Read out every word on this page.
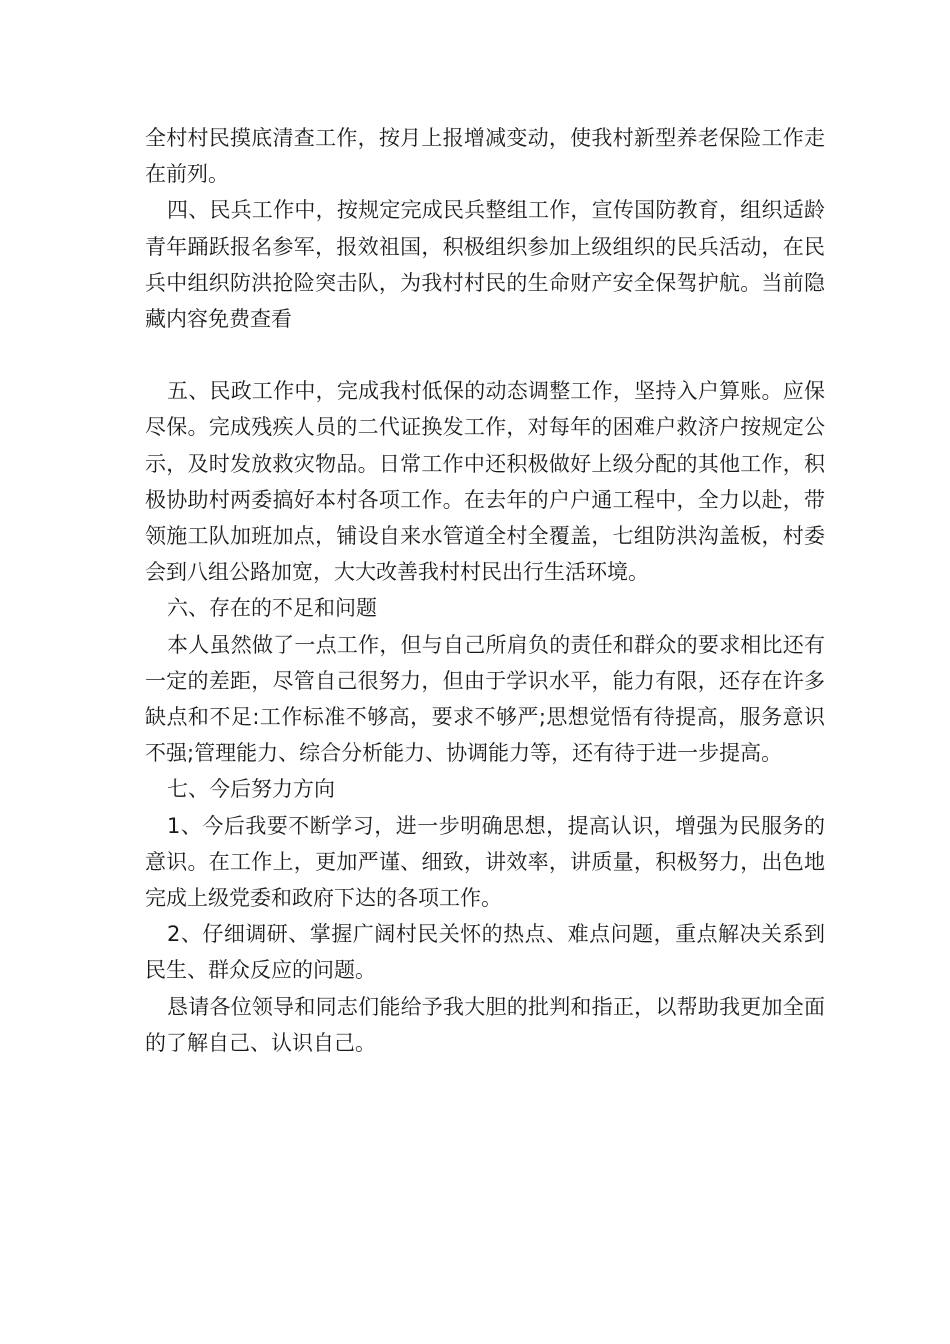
全村村民摸底清查工作，按月上报增减变动，使我村新型养老保险工作走在前列。

四、民兵工作中，按规定完成民兵整组工作，宣传国防教育，组织适龄青年踊跃报名参军，报效祖国，积极组织参加上级组织的民兵活动，在民兵中组织防洪抢险突击队，为我村村民的生命财产安全保驾护航。当前隐藏内容免费查看

五、民政工作中，完成我村低保的动态调整工作，坚持入户算账。应保尽保。完成残疾人员的二代证换发工作，对每年的困难户救济户按规定公示，及时发放救灾物品。日常工作中还积极做好上级分配的其他工作，积极协助村两委搞好本村各项工作。在去年的户户通工程中，全力以赴，带领施工队加班加点，铺设自来水管道全村全覆盖，七组防洪沟盖板，村委会到八组公路加宽，大大改善我村村民出行生活环境。

六、存在的不足和问题

本人虽然做了一点工作，但与自己所肩负的责任和群众的要求相比还有一定的差距，尽管自己很努力，但由于学识水平，能力有限，还存在许多缺点和不足:工作标准不够高，要求不够严;思想觉悟有待提高，服务意识不强;管理能力、综合分析能力、协调能力等，还有待于进一步提高。

七、今后努力方向

1、今后我要不断学习，进一步明确思想，提高认识，增强为民服务的意识。在工作上，更加严谨、细致，讲效率，讲质量，积极努力，出色地完成上级党委和政府下达的各项工作。

2、仔细调研、掌握广阔村民关怀的热点、难点问题，重点解决关系到民生、群众反应的问题。

恳请各位领导和同志们能给予我大胆的批判和指正，以帮助我更加全面的了解自己、认识自己。
